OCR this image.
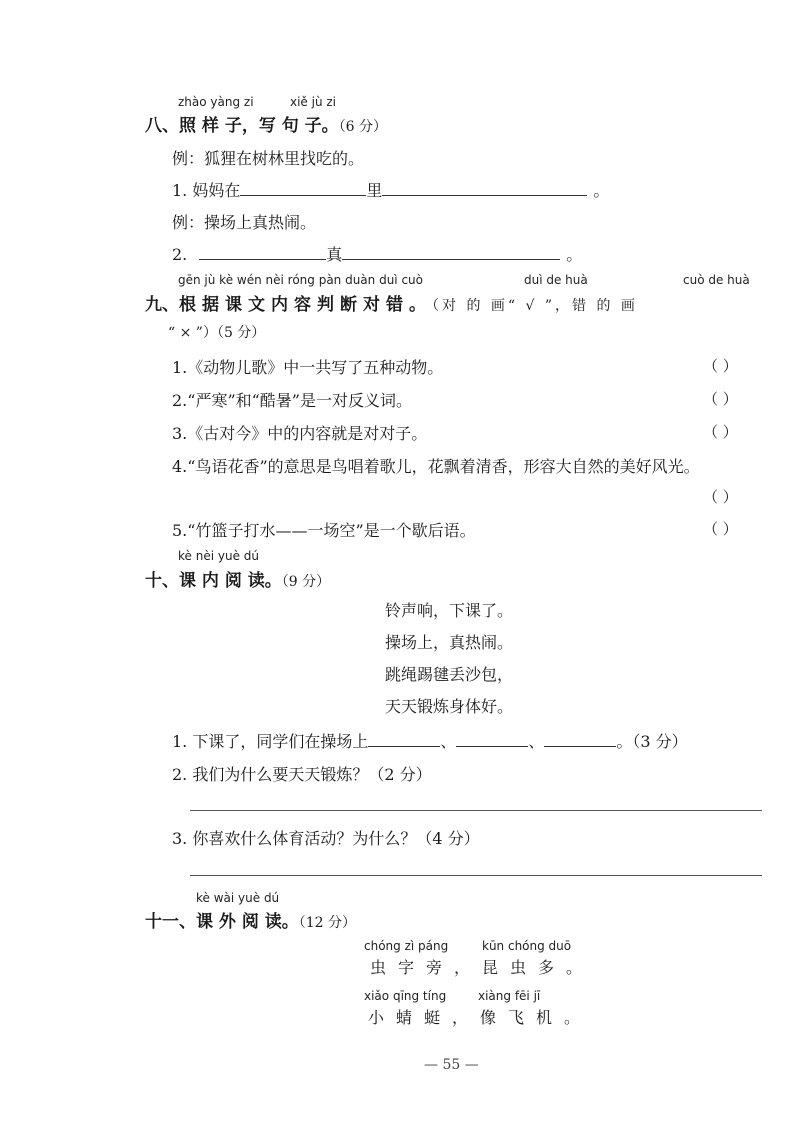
zhào yàng zi	xiě jù zi
八、照 样 子，写 句 子。（6 分）
例：狐狸在树林里找吃的。
1. 妈妈在	里	。
例：操场上真热闹。
2.	真	。
gēn jù kè wén nèi róng pàn duàn duì cuò	duì de huà	cuò de huà
九、根据课文内容判断对错。（对 的 画“ √ ”，错 的 画
“ × ”）（5 分）
1.《动物儿歌》中一共写了五种动物。	（ ）
2.“严寒”和“酷暑”是一对反义词。	（ ）
3.《古对今》中的内容就是对对子。	（ ）
4.“鸟语花香”的意思是鸟唱着歌儿，花飘着清香，形容大自然的美好风光。
（ ）
5.“竹篮子打水——一场空”是一个歇后语。	（ ）
kè nèi yuè dú
十、课 内 阅 读。（9 分）
铃声响，下课了。
操场上，真热闹。
跳绳踢毽丢沙包，
天天锻炼身体好。
1. 下课了，同学们在操场上	、	、	。（3 分）
2. 我们为什么要天天锻炼？（2 分）
3. 你喜欢什么体育活动？为什么？（4 分）
kè wài yuè dú
十一、课 外 阅 读。（12 分）
chóng zì páng	kūn chóng duō
虫字旁，昆虫多。
xiǎo qīng tíng	xiàng fēi jī
小蜻蜓，像飞机。
— 55 —
